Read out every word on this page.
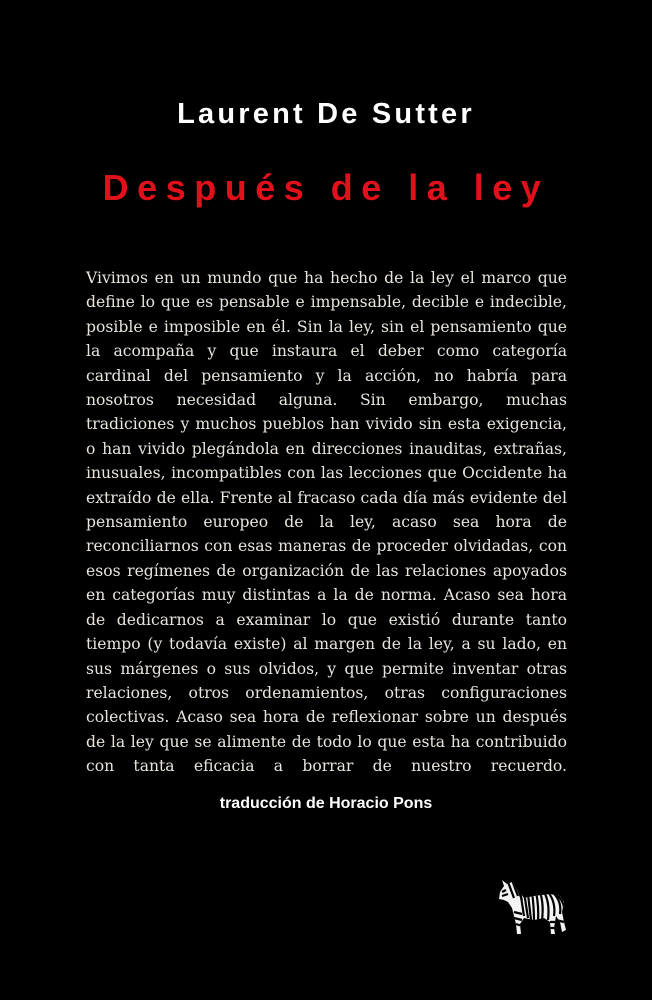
Laurent De Sutter
Después de la ley

Vivimos en un mundo que ha hecho de la ley el marco que define lo que es pensable e impensable, decible e indecible, posible e imposible en él. Sin la ley, sin el pensamiento que la acompaña y que instaura el deber como categoría cardinal del pensamiento y la acción, no habría para nosotros necesidad alguna. Sin embargo, muchas tradiciones y muchos pueblos han vivido sin esta exigencia, o han vivido plegándola en direcciones inauditas, extrañas, inusuales, incompatibles con las lecciones que Occidente ha extraído de ella. Frente al fracaso cada día más evidente del pensamiento europeo de la ley, acaso sea hora de reconciliarnos con esas maneras de proceder olvidadas, con esos regímenes de organización de las relaciones apoyados en categorías muy distintas a la de norma. Acaso sea hora de dedicarnos a examinar lo que existió durante tanto tiempo (y todavía existe) al margen de la ley, a su lado, en sus márgenes o sus olvidos, y que permite inventar otras relaciones, otros ordenamientos, otras configuraciones colectivas. Acaso sea hora de reflexionar sobre un después de la ley que se alimente de todo lo que esta ha contribuido con tanta eficacia a borrar de nuestro recuerdo.

traducción de Horacio Pons
